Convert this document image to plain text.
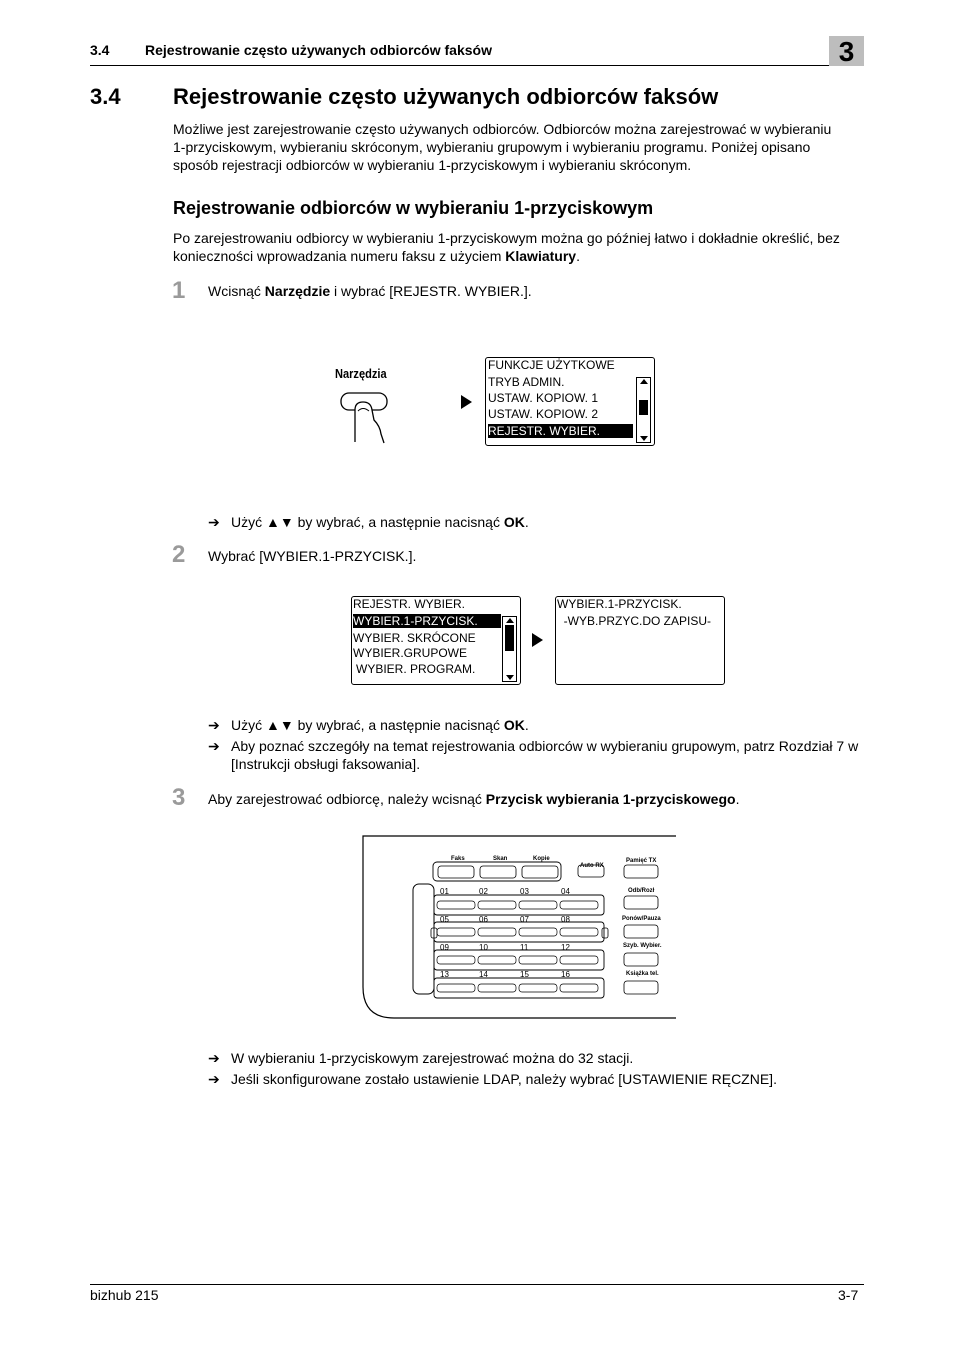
3.4	Rejestrowanie często używanych odbiorców faksów	3
3.4 Rejestrowanie często używanych odbiorców faksów
Możliwe jest zarejestrowanie często używanych odbiorców. Odbiorców można zarejestrować w wybieraniu
1-przyciskowym, wybieraniu skróconym, wybieraniu grupowym i wybieraniu programu. Poniżej opisano
sposób rejestracji odbiorców w wybieraniu 1-przyciskowym i wybieraniu skróconym.
Rejestrowanie odbiorców w wybieraniu 1-przyciskowym
Po zarejestrowaniu odbiorcy w wybieraniu 1-przyciskowym można go później łatwo i dokładnie określić, bez
konieczności wprowadzania numeru faksu z użyciem Klawiatury.
1 Wcisnąć Narzędzie i wybrać [REJESTR. WYBIER.].
Narzędzia
FUNKCJE UŻYTKOWE
TRYB ADMIN.
USTAW. KOPIOW. 1
USTAW. KOPIOW. 2
REJESTR. WYBIER.
➔ Użyć ▲▼ by wybrać, a następnie nacisnąć OK.
2 Wybrać [WYBIER.1-PRZYCISK.].
REJESTR. WYBIER.
WYBIER.1-PRZYCISK.
WYBIER. SKRÓCONE
WYBIER.GRUPOWE
WYBIER. PROGRAM.
WYBIER.1-PRZYCISK.
-WYB.PRZYC.DO ZAPISU-
➔ Użyć ▲▼ by wybrać, a następnie nacisnąć OK.
➔ Aby poznać szczegóły na temat rejestrowania odbiorców w wybieraniu grupowym, patrz Rozdział 7 w [Instrukcji obsługi faksowania].
3 Aby zarejestrować odbiorcę, należy wcisnąć Przycisk wybierania 1-przyciskowego.
Faks	Skan	Kopie
Auto RX
Pamięć TX
Odb/Rozł
Ponów/Pauza
Szyb. Wybier.
Książka tel.
01	02	03	04
05	06	07	08
09	10	11	12
13	14	15	16
➔ W wybieraniu 1-przyciskowym zarejestrować można do 32 stacji.
➔ Jeśli skonfigurowane zostało ustawienie LDAP, należy wybrać [USTAWIENIE RĘCZNE].
bizhub 215	3-7
